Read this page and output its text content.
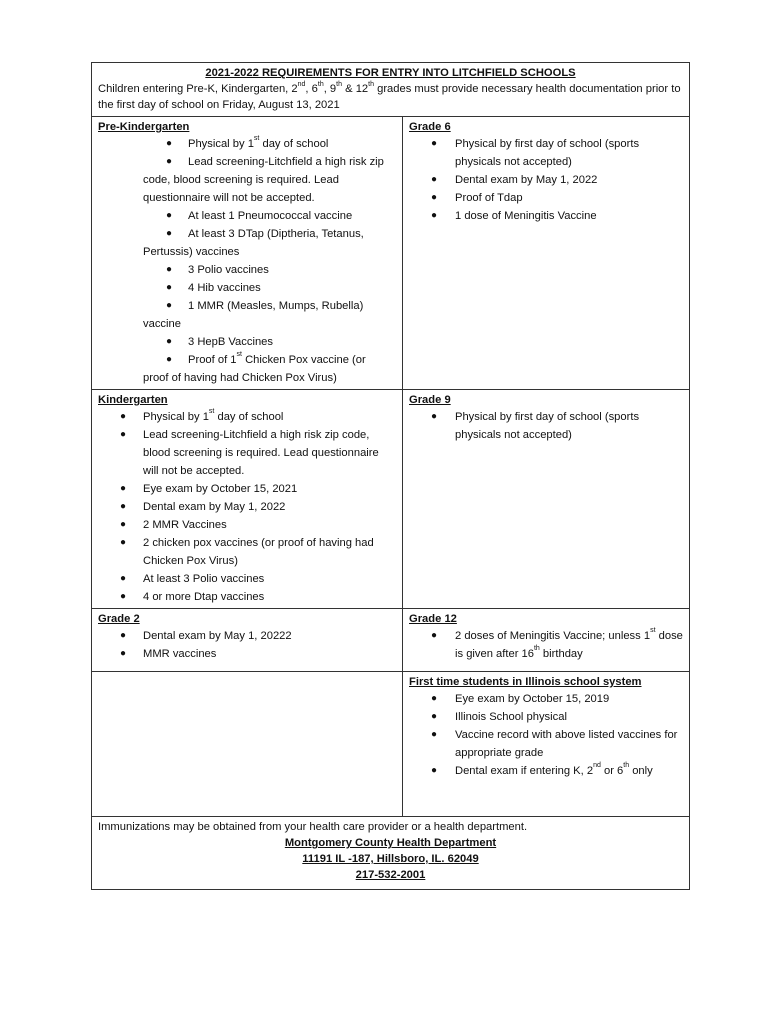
2021-2022 REQUIREMENTS FOR ENTRY INTO LITCHFIELD SCHOOLS
Children entering Pre-K, Kindergarten, 2nd, 6th, 9th & 12th grades must provide necessary health documentation prior to the first day of school on Friday, August 13, 2021
Pre-Kindergarten
● Physical by 1st day of school
● Lead screening-Litchfield a high risk zip
code, blood screening is required. Lead
questionnaire will not be accepted.
● At least 1 Pneumococcal vaccine
● At least 3 DTap (Diptheria, Tetanus,
Pertussis) vaccines
● 3 Polio vaccines
● 4 Hib vaccines
● 1 MMR (Measles, Mumps, Rubella)
vaccine
● 3 HepB Vaccines
● Proof of 1st Chicken Pox vaccine (or
proof of having had Chicken Pox Virus)
Grade 6
● Physical by first day of school (sports physicals not accepted)
● Dental exam by May 1, 2022
● Proof of Tdap
● 1 dose of Meningitis Vaccine
Kindergarten
● Physical by 1st day of school
● Lead screening-Litchfield a high risk zip code, blood screening is required. Lead questionnaire will not be accepted.
● Eye exam by October 15, 2021
● Dental exam by May 1, 2022
● 2 MMR Vaccines
● 2 chicken pox vaccines (or proof of having had Chicken Pox Virus)
● At least 3 Polio vaccines
● 4 or more Dtap vaccines
Grade 9
● Physical by first day of school (sports physicals not accepted)
Grade 2
● Dental exam by May 1, 20222
● MMR vaccines
Grade 12
● 2 doses of Meningitis Vaccine; unless 1st dose is given after 16th birthday
First time students in Illinois school system
● Eye exam by October 15, 2019
● Illinois School physical
● Vaccine record with above listed vaccines for appropriate grade
● Dental exam if entering K, 2nd or 6th only
Immunizations may be obtained from your health care provider or a health department.
Montgomery County Health Department
11191 IL -187, Hillsboro, IL. 62049
217-532-2001
